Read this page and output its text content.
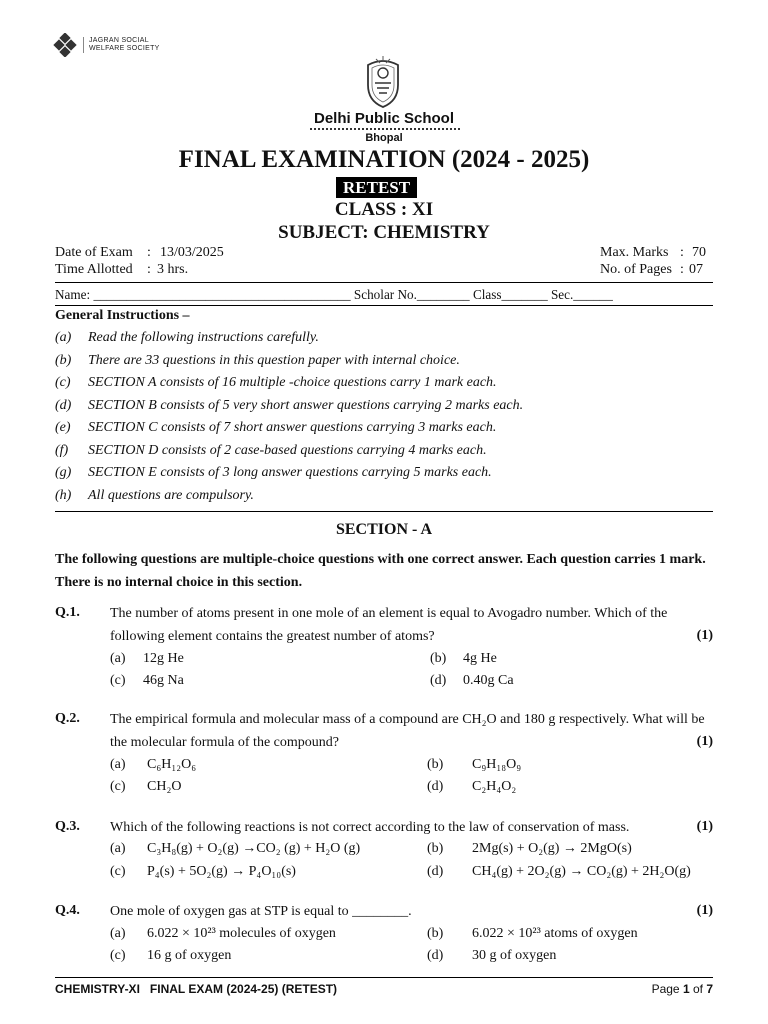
JAGRAN SOCIAL
WELFARE SOCIETY
Delhi Public School
Bhopal
FINAL EXAMINATION (2024 - 2025)
RETEST
CLASS : XI
SUBJECT: CHEMISTRY
Date of Exam : 13/03/2025
Time Allotted : 3 hrs.
Max. Marks : 70
No. of Pages : 07
Name: _______________________________________ Scholar No.________ Class_______ Sec.______
General Instructions –
(a) Read the following instructions carefully.
(b) There are 33 questions in this question paper with internal choice.
(c) SECTION A consists of 16 multiple -choice questions carry 1 mark each.
(d) SECTION B consists of 5 very short answer questions carrying 2 marks each.
(e) SECTION C consists of 7 short answer questions carrying 3 marks each.
(f) SECTION D consists of 2 case-based questions carrying 4 marks each.
(g) SECTION E consists of 3 long answer questions carrying 5 marks each.
(h) All questions are compulsory.
SECTION - A
The following questions are multiple-choice questions with one correct answer. Each question carries 1 mark. There is no internal choice in this section.
Q.1. The number of atoms present in one mole of an element is equal to Avogadro number. Which of the following element contains the greatest number of atoms?	(1)
(a) 12g He	(b) 4g He
(c) 46g Na	(d) 0.40g Ca
Q.2. The empirical formula and molecular mass of a compound are CH₂O and 180 g respectively. What will be the molecular formula of the compound?	(1)
(a) C₆H₁₂O₆	(b) C₉H₁₈O₉
(c) CH₂O	(d) C₂H₄O₂
Q.3. Which of the following reactions is not correct according to the law of conservation of mass.	(1)
(a) C₃H₈(g) + O₂(g) →CO₂ (g) + H₂O (g)	(b) 2Mg(s) + O₂(g) → 2MgO(s)
(c) P₄(s) + 5O₂(g) → P₄O₁₀(s)	(d) CH₄(g) + 2O₂(g) → CO₂(g) + 2H₂O(g)
Q.4. One mole of oxygen gas at STP is equal to ________.	(1)
(a) 6.022 × 10²³ molecules of oxygen	(b) 6.022 × 10²³ atoms of oxygen
(c) 16 g of oxygen	(d) 30 g of oxygen
CHEMISTRY-XI   FINAL EXAM (2024-25) (RETEST)	Page 1 of 7
